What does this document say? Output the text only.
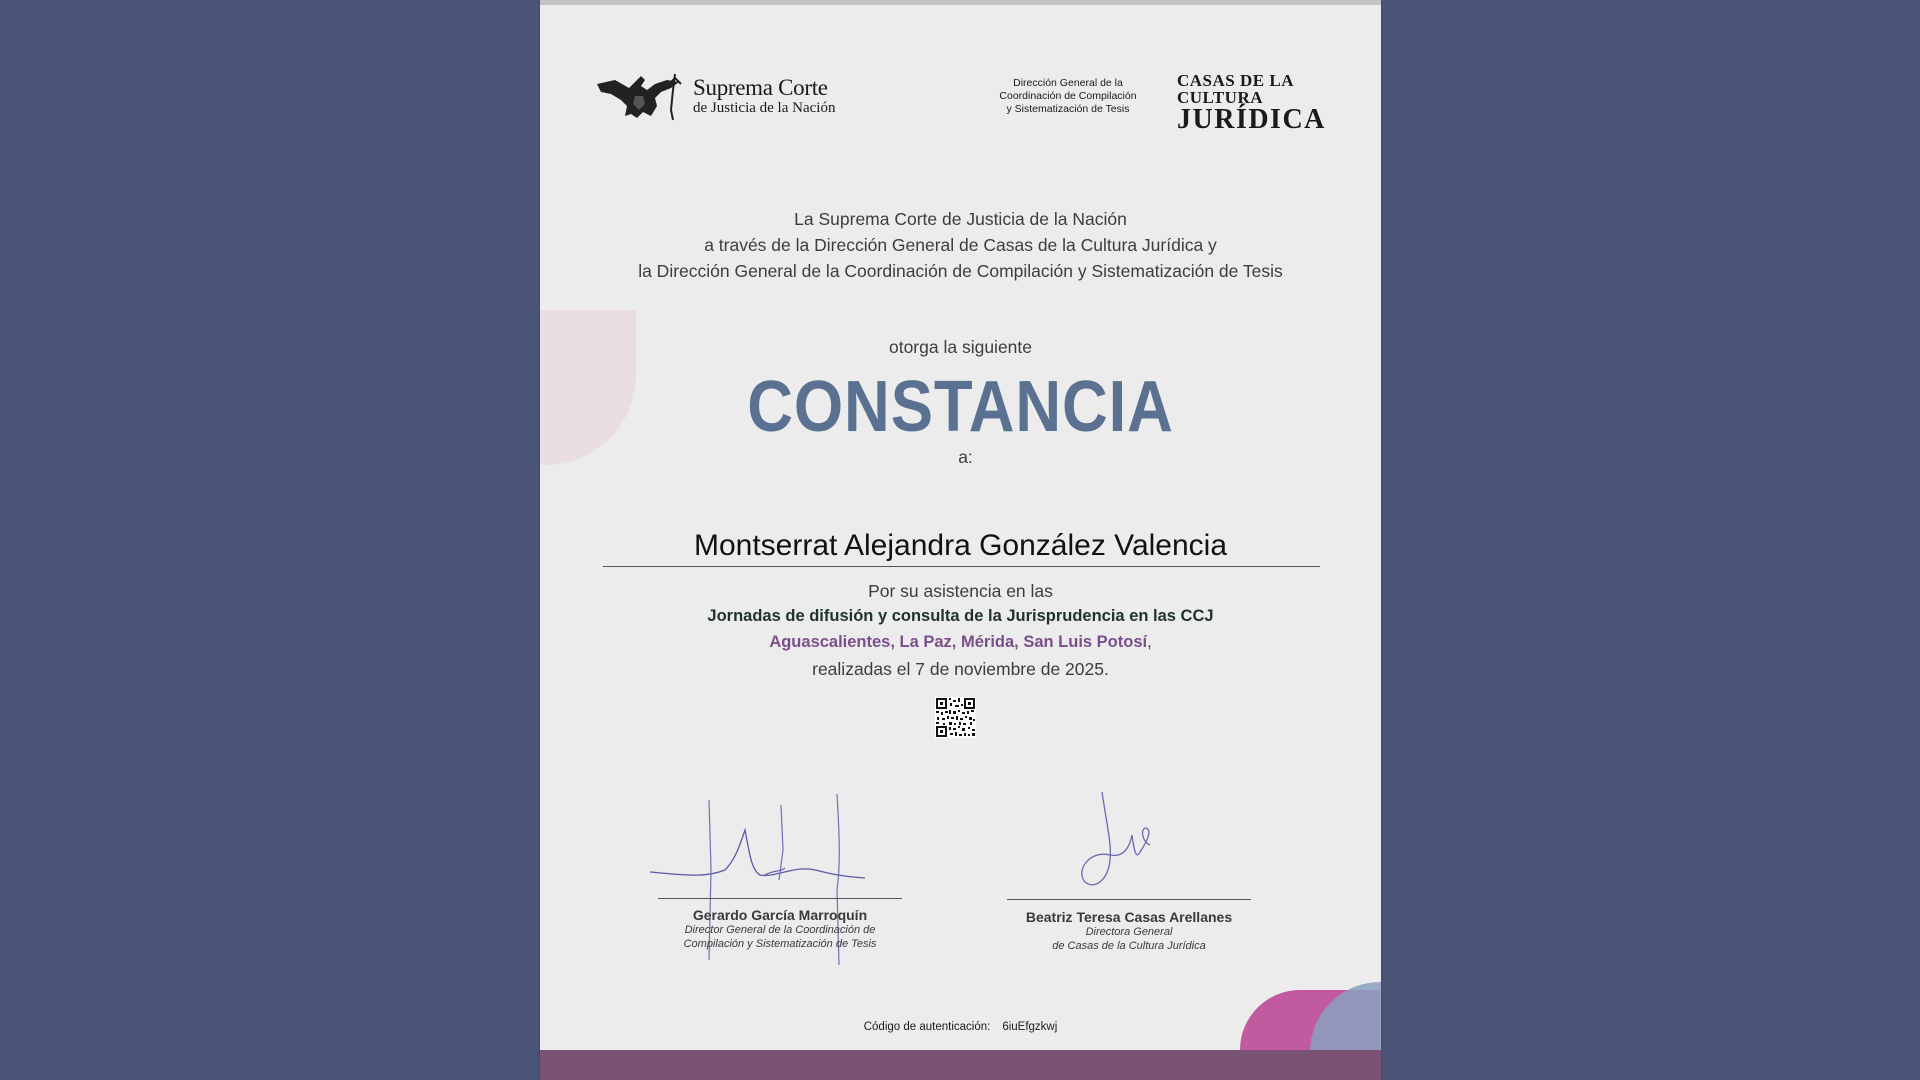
Suprema Corte
de Justicia de la Nación
Dirección General de la
Coordinación de Compilación
y Sistematización de Tesis
CASAS DE LA CULTURA
JURÍDICA
La Suprema Corte de Justicia de la Nación
a través de la Dirección General de Casas de la Cultura Jurídica y
la Dirección General de la Coordinación de Compilación y Sistematización de Tesis
otorga la siguiente
CONSTANCIA
a:
Montserrat Alejandra González Valencia
Por su asistencia en las
Jornadas de difusión y consulta de la Jurisprudencia en las CCJ
Aguascalientes, La Paz, Mérida, San Luis Potosí,
realizadas el 7 de noviembre de 2025.
Gerardo García Marroquín
Director General de la Coordinación de
Compilación y Sistematización de Tesis
Beatriz Teresa Casas Arellanes
Directora General
de Casas de la Cultura Jurídica
Código de autenticación: 6iuEfgzkwj
